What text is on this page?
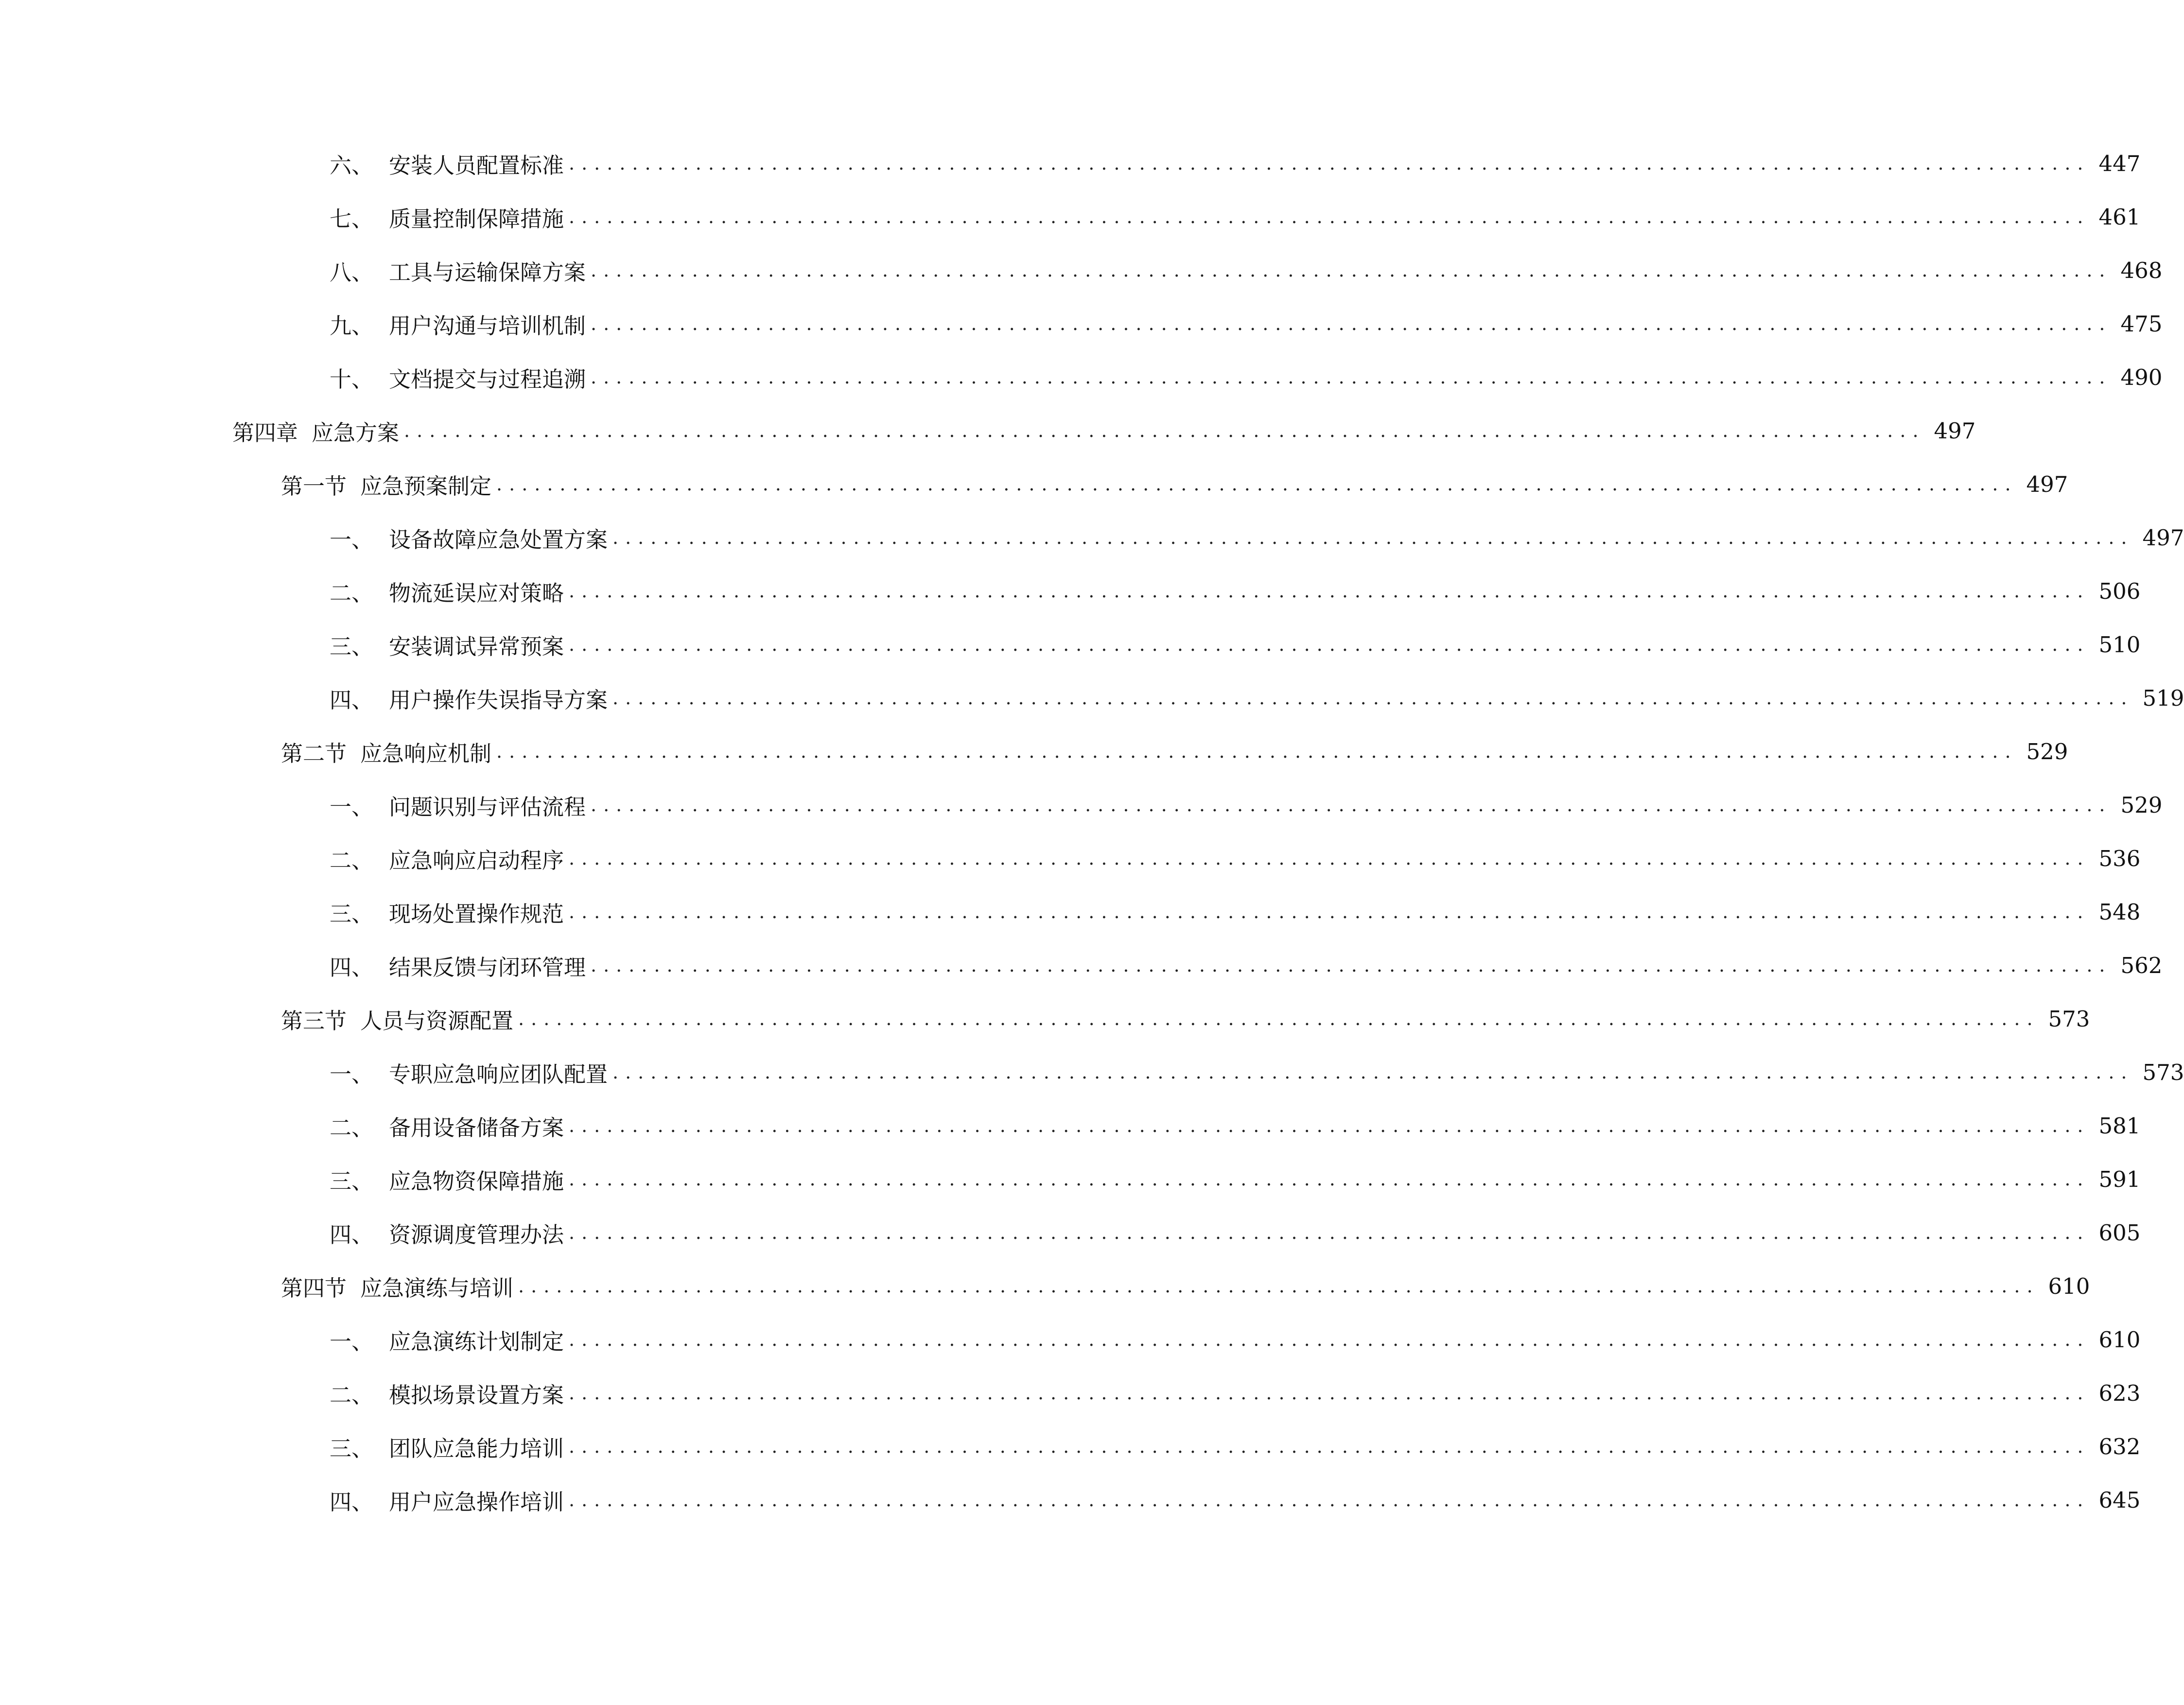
六、 安装人员配置标准 ........................................................................................................................ 447
七、 质量控制保障措施 ........................................................................................................................ 461
八、 工具与运输保障方案 ........................................................................................................................ 468
九、 用户沟通与培训机制 ........................................................................................................................ 475
十、 文档提交与过程追溯 ........................................................................................................................ 490
第四章 应急方案 ........................................................................................................................ 497
第一节 应急预案制定 ........................................................................................................................ 497
一、 设备故障应急处置方案 ........................................................................................................................ 497
二、 物流延误应对策略 ........................................................................................................................ 506
三、 安装调试异常预案 ........................................................................................................................ 510
四、 用户操作失误指导方案 ........................................................................................................................ 519
第二节 应急响应机制 ........................................................................................................................ 529
一、 问题识别与评估流程 ........................................................................................................................ 529
二、 应急响应启动程序 ........................................................................................................................ 536
三、 现场处置操作规范 ........................................................................................................................ 548
四、 结果反馈与闭环管理 ........................................................................................................................ 562
第三节 人员与资源配置 ........................................................................................................................ 573
一、 专职应急响应团队配置 ........................................................................................................................ 573
二、 备用设备储备方案 ........................................................................................................................ 581
三、 应急物资保障措施 ........................................................................................................................ 591
四、 资源调度管理办法 ........................................................................................................................ 605
第四节 应急演练与培训 ........................................................................................................................ 610
一、 应急演练计划制定 ........................................................................................................................ 610
二、 模拟场景设置方案 ........................................................................................................................ 623
三、 团队应急能力培训 ........................................................................................................................ 632
四、 用户应急操作培训 ........................................................................................................................ 645
